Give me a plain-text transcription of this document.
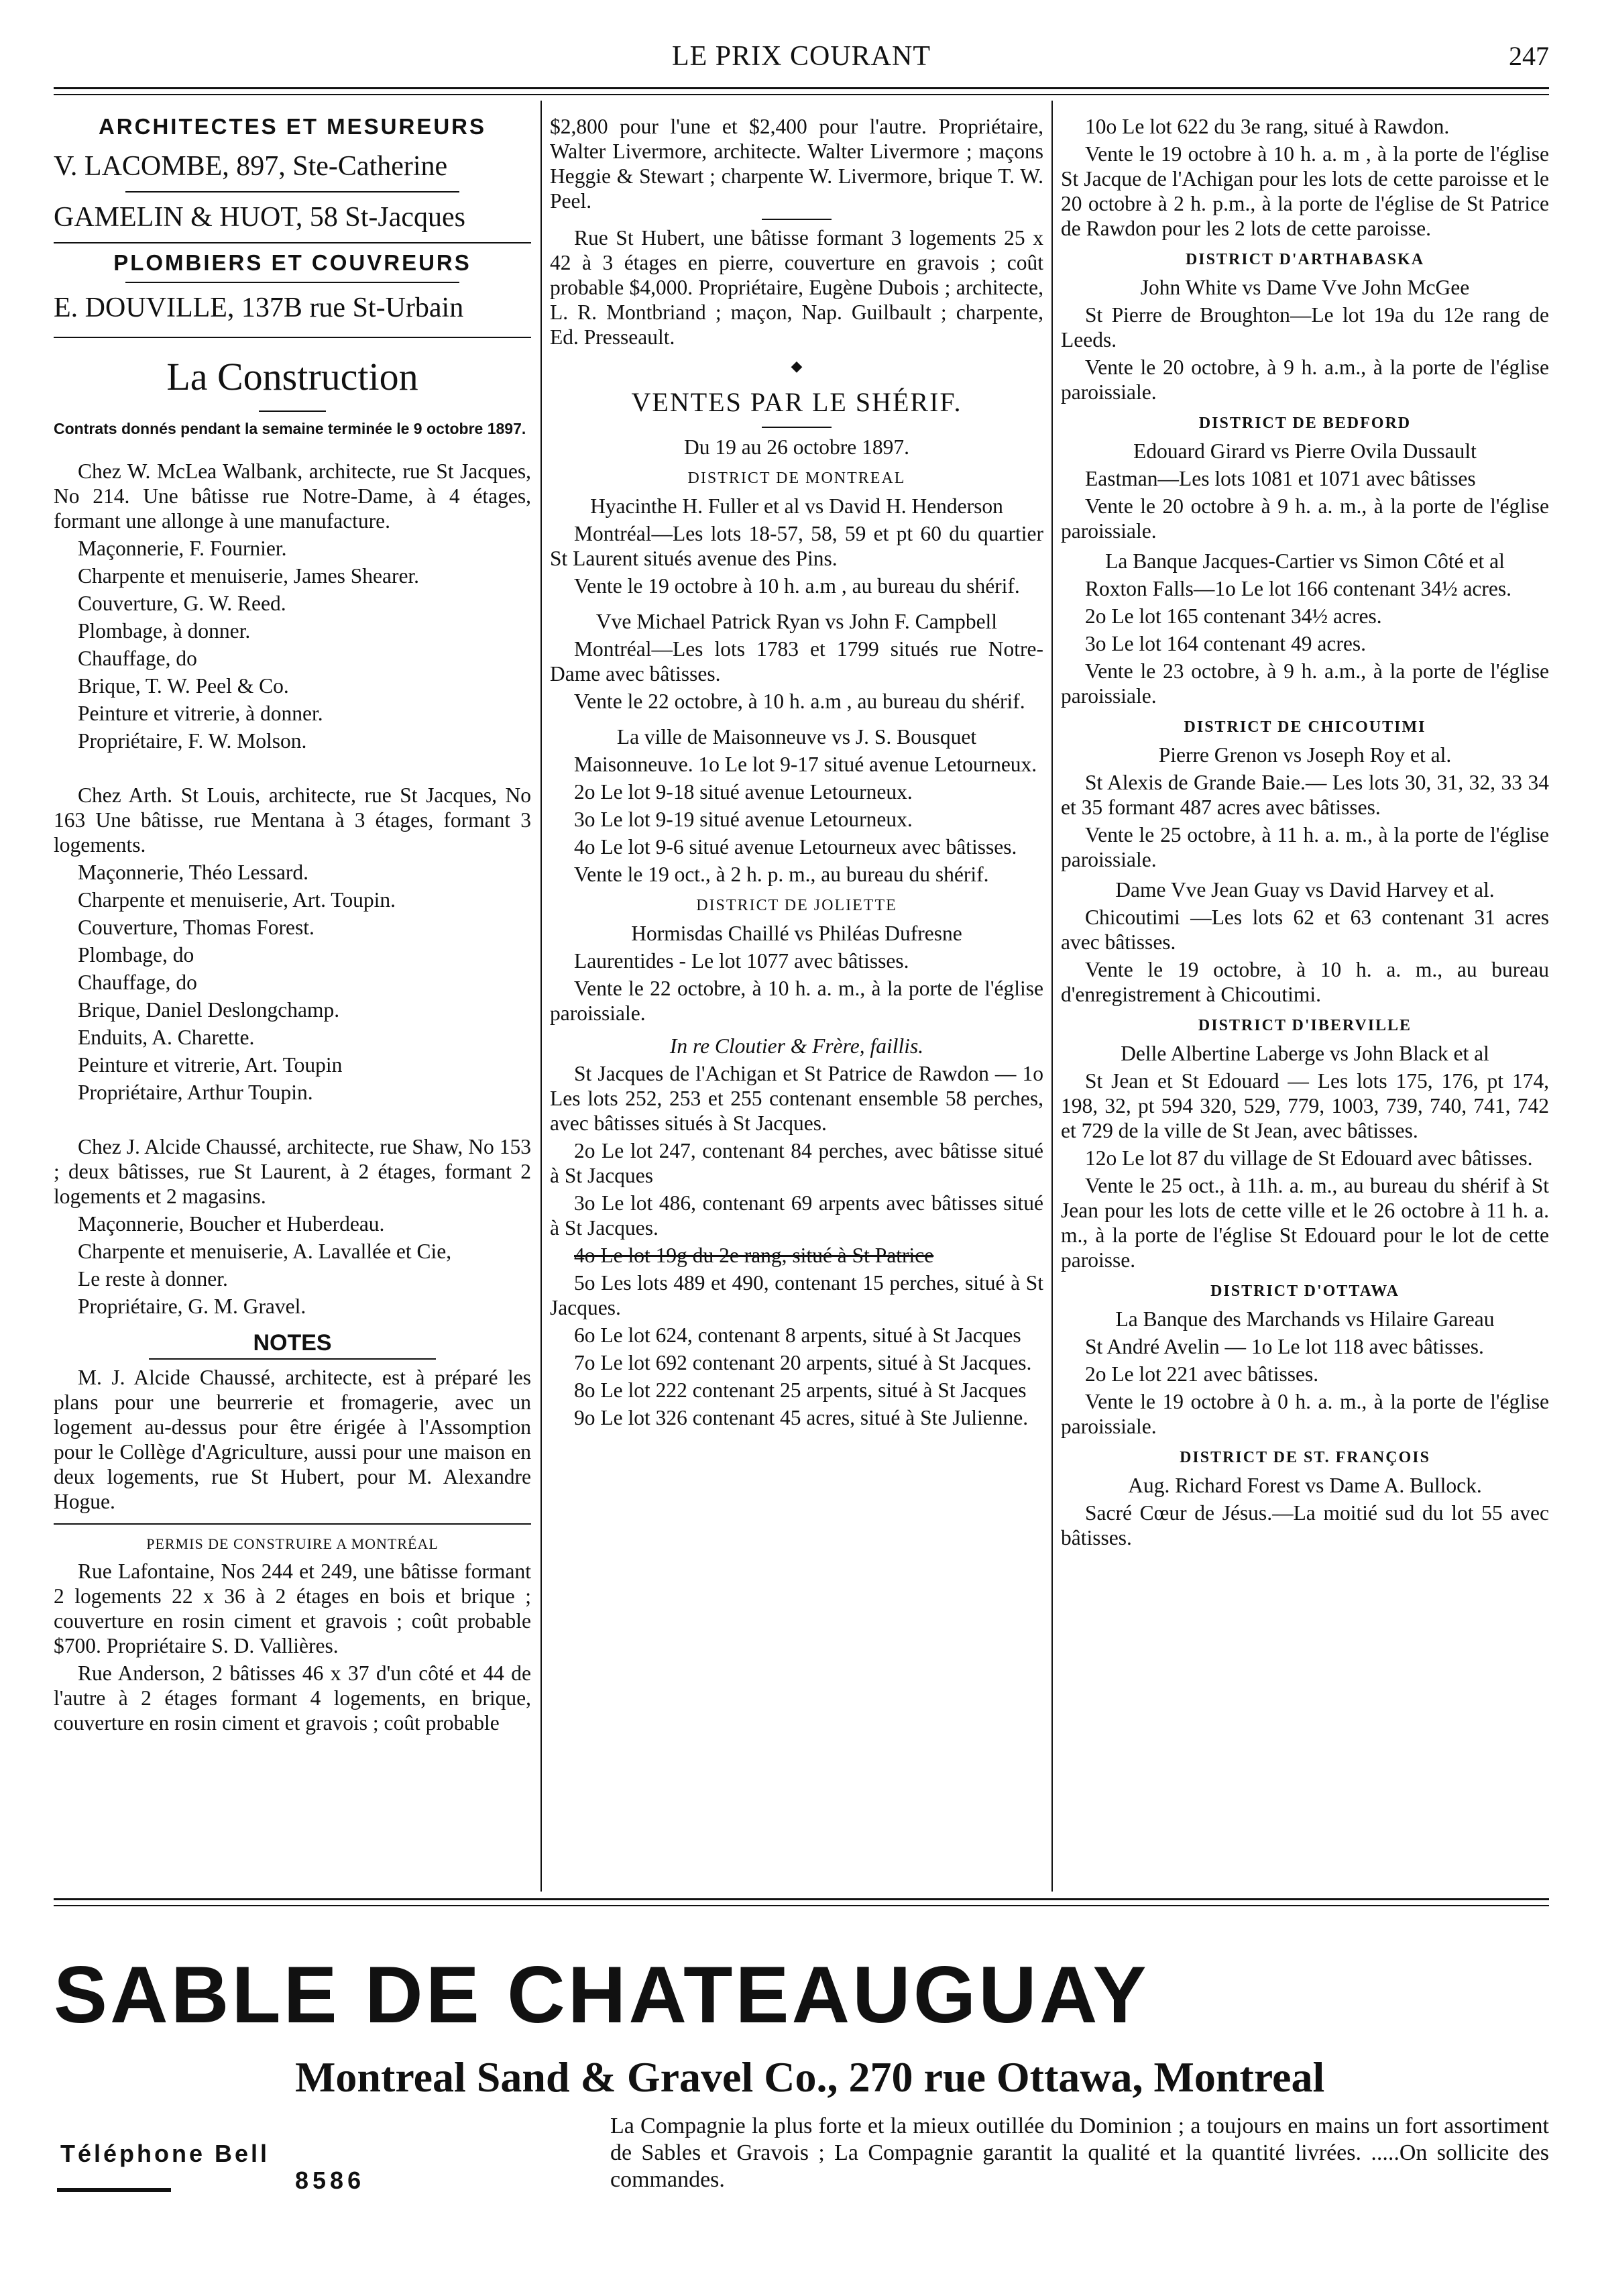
LE PRIX COURANT	247
ARCHITECTES ET MESUREURS
V. LACOMBE, 897, Ste-Catherine
GAMELIN & HUOT, 58 St-Jacques
PLOMBIERS ET COUVREURS
E. DOUVILLE, 137B rue St-Urbain
La Construction
Contrats donnés pendant la semaine terminée le 9 octobre 1897.

Chez W. McLea Walbank, architecte, rue St Jacques, No 214. Une bâtisse rue Notre-Dame, à 4 étages, formant une allonge à une manufacture.

Maçonnerie, F. Fournier.

Charpente et menuiserie, James Shearer.

Couverture, G. W. Reed.

Plombage, à donner.

Chauffage, do

Brique, T. W. Peel & Co.

Peinture et vitrerie, à donner.

Propriétaire, F. W. Molson.

Chez Arth. St Louis, architecte, rue St Jacques, No 163 Une bâtisse, rue Mentana à 3 étages, formant 3 logements.

Maçonnerie, Théo Lessard.

Charpente et menuiserie, Art. Toupin.

Couverture, Thomas Forest.

Plombage, do

Chauffage, do

Brique, Daniel Deslongchamp.

Enduits, A. Charette.

Peinture et vitrerie, Art. Toupin

Propriétaire, Arthur Toupin.

Chez J. Alcide Chaussé, architecte, rue Shaw, No 153 ; deux bâtisses, rue St Laurent, à 2 étages, formant 2 logements et 2 magasins.

Maçonnerie, Boucher et Huberdeau.

Charpente et menuiserie, A. Lavallée et Cie,

Le reste à donner.

Propriétaire, G. M. Gravel.

NOTES

M. J. Alcide Chaussé, architecte, est à préparé les plans pour une beurrerie et fromagerie, avec un logement au-dessus pour être érigée à l'Assomption pour le Collège d'Agriculture, aussi pour une maison en deux logements, rue St Hubert, pour M. Alexandre Hogue.

PERMIS DE CONSTRUIRE A MONTRÉAL

Rue Lafontaine, Nos 244 et 249, une bâtisse formant 2 logements 22 x 36 à 2 étages en bois et brique ; couverture en rosin ciment et gravois ; coût probable $700. Propriétaire S. D. Vallières.

Rue Anderson, 2 bâtisses 46 x 37 d'un côté et 44 de l'autre à 2 étages formant 4 logements, en brique, couverture en rosin ciment et gravois ; coût probable

$2,800 pour l'une et $2,400 pour l'autre. Propriétaire, Walter Livermore, architecte. Walter Livermore ; maçons Heggie & Stewart ; charpente W. Livermore, brique T. W. Peel.

Rue St Hubert, une bâtisse formant 3 logements 25 x 42 à 3 étages en pierre, couverture en gravois ; coût probable $4,000. Propriétaire, Eugène Dubois ; architecte, L. R. Montbriand ; maçon, Nap. Guilbault ; charpente, Ed. Presseault.

◆
VENTES PAR LE SHÉRIF.
Du 19 au 26 octobre 1897.
DISTRICT DE MONTREAL

Hyacinthe H. Fuller et al vs David H. Henderson

Montréal—Les lots 18-57, 58, 59 et pt 60 du quartier St Laurent situés avenue des Pins.

Vente le 19 octobre à 10 h. a.m , au bureau du shérif.

Vve Michael Patrick Ryan vs John F. Campbell

Montréal—Les lots 1783 et 1799 situés rue Notre-Dame avec bâtisses.

Vente le 22 octobre, à 10 h. a.m , au bureau du shérif.

La ville de Maisonneuve vs J. S. Bousquet

Maisonneuve. 1o Le lot 9-17 situé avenue Letourneux.

2o Le lot 9-18 situé avenue Letourneux.

3o Le lot 9-19 situé avenue Letourneux.

4o Le lot 9-6 situé avenue Letourneux avec bâtisses.

Vente le 19 oct., à 2 h. p. m., au bureau du shérif.

DISTRICT DE JOLIETTE

Hormisdas Chaillé vs Philéas Dufresne

Laurentides - Le lot 1077 avec bâtisses.

Vente le 22 octobre, à 10 h. a. m., à la porte de l'église paroissiale.

In re Cloutier & Frère, faillis.

St Jacques de l'Achigan et St Patrice de Rawdon — 1o Les lots 252, 253 et 255 contenant ensemble 58 perches, avec bâtisses situés à St Jacques.

2o Le lot 247, contenant 84 perches, avec bâtisse situé à St Jacques

3o Le lot 486, contenant 69 arpents avec bâtisses situé à St Jacques.

4o Le lot 19g du 2e rang, situé à St Patrice

5o Les lots 489 et 490, contenant 15 perches, situé à St Jacques.

6o Le lot 624, contenant 8 arpents, situé à St Jacques

7o Le lot 692 contenant 20 arpents, situé à St Jacques.

8o Le lot 222 contenant 25 arpents, situé à St Jacques

9o Le lot 326 contenant 45 acres, situé à Ste Julienne.

10o Le lot 622 du 3e rang, situé à Rawdon.

Vente le 19 octobre à 10 h. a. m , à la porte de l'église St Jacque de l'Achigan pour les lots de cette paroisse et le 20 octobre à 2 h. p.m., à la porte de l'église de St Patrice de Rawdon pour les 2 lots de cette paroisse.

DISTRICT D'ARTHABASKA

John White vs Dame Vve John McGee

St Pierre de Broughton—Le lot 19a du 12e rang de Leeds.

Vente le 20 octobre, à 9 h. a.m., à la porte de l'église paroissiale.

DISTRICT DE BEDFORD

Edouard Girard vs Pierre Ovila Dussault

Eastman—Les lots 1081 et 1071 avec bâtisses

Vente le 20 octobre à 9 h. a. m., à la porte de l'église paroissiale.

La Banque Jacques-Cartier vs Simon Côté et al

Roxton Falls—1o Le lot 166 contenant 34½ acres.

2o Le lot 165 contenant 34½ acres.

3o Le lot 164 contenant 49 acres.

Vente le 23 octobre, à 9 h. a.m., à la porte de l'église paroissiale.

DISTRICT DE CHICOUTIMI

Pierre Grenon vs Joseph Roy et al.

St Alexis de Grande Baie.— Les lots 30, 31, 32, 33 34 et 35 formant 487 acres avec bâtisses.

Vente le 25 octobre, à 11 h. a. m., à la porte de l'église paroissiale.

Dame Vve Jean Guay vs David Harvey et al.

Chicoutimi —Les lots 62 et 63 contenant 31 acres avec bâtisses.

Vente le 19 octobre, à 10 h. a. m., au bureau d'enregistrement à Chicoutimi.

DISTRICT D'IBERVILLE

Delle Albertine Laberge vs John Black et al

St Jean et St Edouard — Les lots 175, 176, pt 174, 198, 32, pt 594 320, 529, 779, 1003, 739, 740, 741, 742 et 729 de la ville de St Jean, avec bâtisses.

12o Le lot 87 du village de St Edouard avec bâtisses.

Vente le 25 oct., à 11h. a. m., au bureau du shérif à St Jean pour les lots de cette ville et le 26 octobre à 11 h. a. m., à la porte de l'église St Edouard pour le lot de cette paroisse.

DISTRICT D'OTTAWA

La Banque des Marchands vs Hilaire Gareau

St André Avelin — 1o Le lot 118 avec bâtisses.

2o Le lot 221 avec bâtisses.

Vente le 19 octobre à 0 h. a. m., à la porte de l'église paroissiale.

DISTRICT DE ST. FRANÇOIS

Aug. Richard Forest vs Dame A. Bullock.

Sacré Cœur de Jésus.—La moitié sud du lot 55 avec bâtisses.

SABLE DE CHATEAUGUAY
Montreal Sand & Gravel Co., 270 rue Ottawa, Montreal
Téléphone Bell
8586
La Compagnie la plus forte et la mieux outillée du Dominion ; a toujours en mains un fort assortiment de Sables et Gravois ; La Compagnie garantit la qualité et la quantité livrées. .....On sollicite des commandes.
